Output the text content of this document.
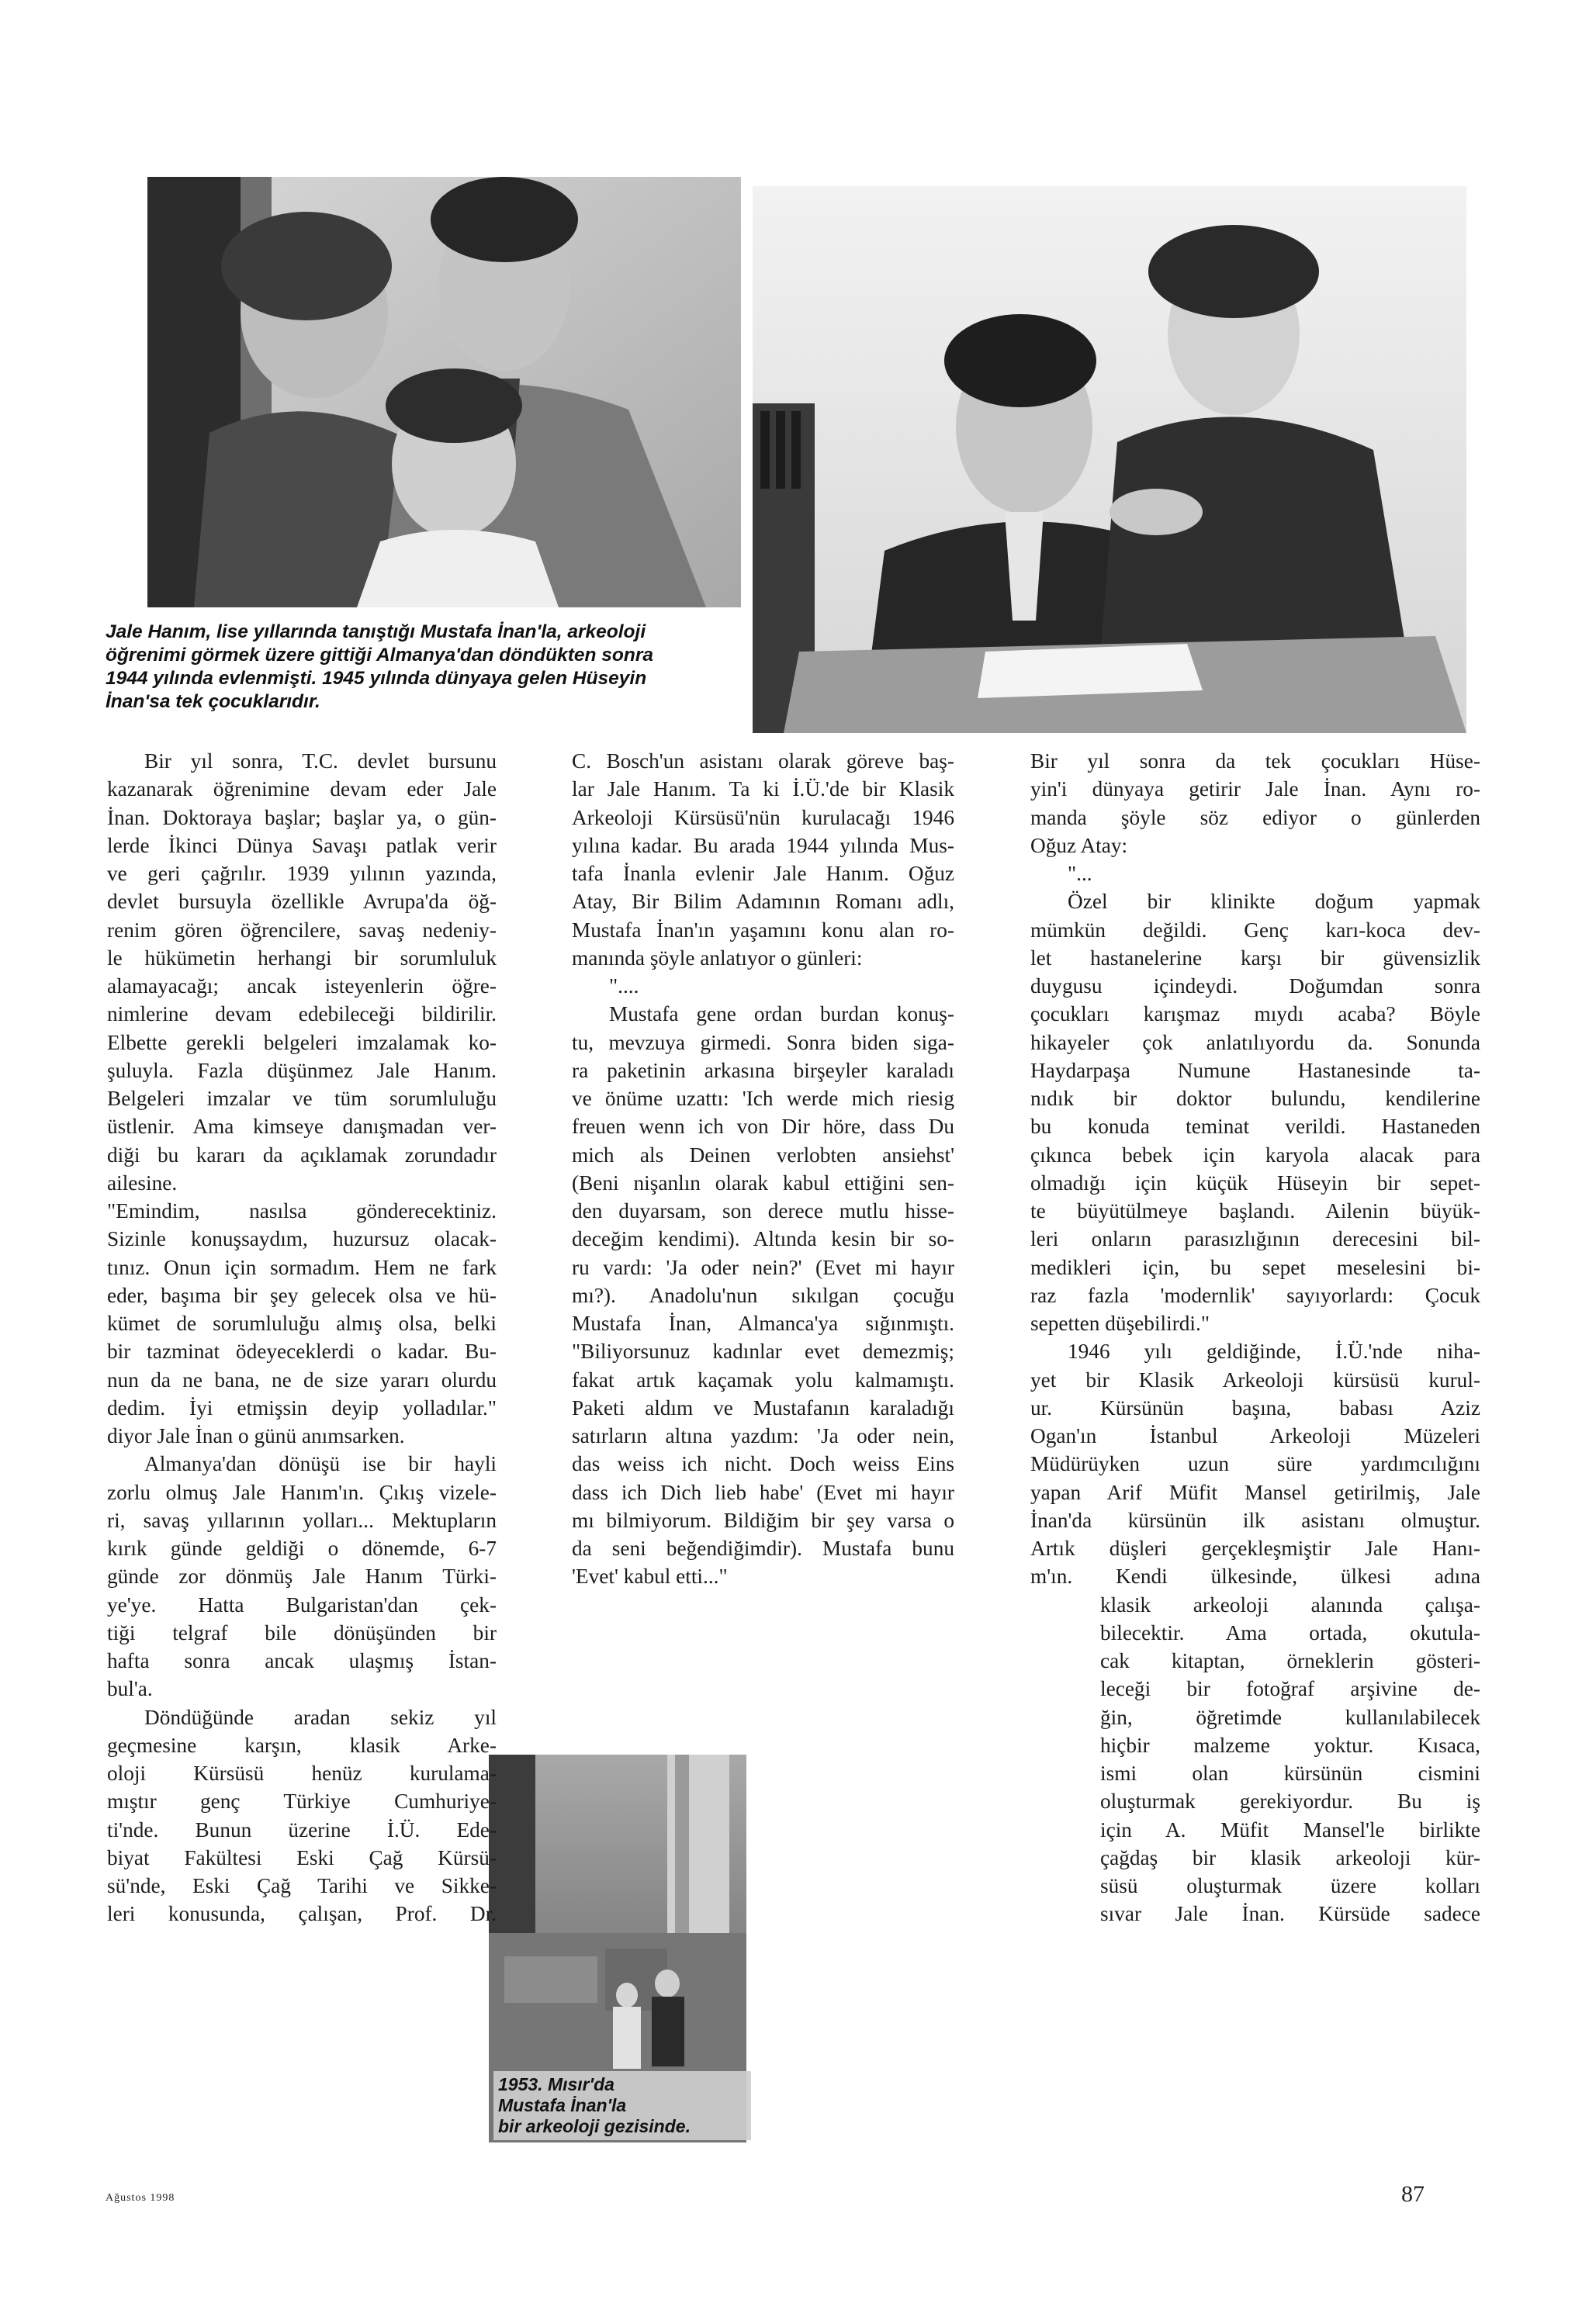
Jale Hanım, lise yıllarında tanıştığı Mustafa İnan'la, arkeoloji
öğrenimi görmek üzere gittiği Almanya'dan döndükten sonra
1944 yılında evlenmişti. 1945 yılında dünyaya gelen Hüseyin
İnan'sa tek çocuklarıdır.
1953. Mısır'da
Mustafa İnan'la
bir arkeoloji gezisinde.
Bir yıl sonra, T.C. devlet bursunu
kazanarak öğrenimine devam eder Jale
İnan. Doktoraya başlar; başlar ya, o gün-
lerde İkinci Dünya Savaşı patlak verir
ve geri çağrılır. 1939 yılının yazında,
devlet bursuyla özellikle Avrupa'da öğ-
renim gören öğrencilere, savaş nedeniy-
le hükümetin herhangi bir sorumluluk
alamayacağı; ancak isteyenlerin öğre-
nimlerine devam edebileceği bildirilir.
Elbette gerekli belgeleri imzalamak ko-
şuluyla. Fazla düşünmez Jale Hanım.
Belgeleri imzalar ve tüm sorumluluğu
üstlenir. Ama kimseye danışmadan ver-
diği bu kararı da açıklamak zorundadır
ailesine.
"Emindim, nasılsa gönderecektiniz.
Sizinle konuşsaydım, huzursuz olacak-
tınız. Onun için sormadım. Hem ne fark
eder, başıma bir şey gelecek olsa ve hü-
kümet de sorumluluğu almış olsa, belki
bir tazminat ödeyeceklerdi o kadar. Bu-
nun da ne bana, ne de size yararı olurdu
dedim. İyi etmişsin deyip yolladılar."
diyor Jale İnan o günü anımsarken.
Almanya'dan dönüşü ise bir hayli
zorlu olmuş Jale Hanım'ın. Çıkış vizele-
ri, savaş yıllarının yolları... Mektupların
kırık günde geldiği o dönemde, 6-7
günde zor dönmüş Jale Hanım Türki-
ye'ye. Hatta Bulgaristan'dan çek-
tiği telgraf bile dönüşünden bir
hafta sonra ancak ulaşmış İstan-
bul'a.
Döndüğünde aradan sekiz yıl
geçmesine karşın, klasik Arke-
oloji Kürsüsü henüz kurulama-
mıştır genç Türkiye Cumhuriye-
ti'nde. Bunun üzerine İ.Ü. Ede-
biyat Fakültesi Eski Çağ Kürsü-
sü'nde, Eski Çağ Tarihi ve Sikke-
leri konusunda, çalışan, Prof. Dr.
C. Bosch'un asistanı olarak göreve baş-
lar Jale Hanım. Ta ki İ.Ü.'de bir Klasik
Arkeoloji Kürsüsü'nün kurulacağı 1946
yılına kadar. Bu arada 1944 yılında Mus-
tafa İnanla evlenir Jale Hanım. Oğuz
Atay, Bir Bilim Adamının Romanı adlı,
Mustafa İnan'ın yaşamını konu alan ro-
manında şöyle anlatıyor o günleri:
"....
Mustafa gene ordan burdan konuş-
tu, mevzuya girmedi. Sonra biden siga-
ra paketinin arkasına birşeyler karaladı
ve önüme uzattı: 'Ich werde mich riesig
freuen wenn ich von Dir höre, dass Du
mich als Deinen verlobten ansiehst'
(Beni nişanlın olarak kabul ettiğini sen-
den duyarsam, son derece mutlu hisse-
deceğim kendimi). Altında kesin bir so-
ru vardı: 'Ja oder nein?' (Evet mi hayır
mı?). Anadolu'nun sıkılgan çocuğu
Mustafa İnan, Almanca'ya sığınmıştı.
"Biliyorsunuz kadınlar evet demezmiş;
fakat artık kaçamak yolu kalmamıştı.
Paketi aldım ve Mustafanın karaladığı
satırların altına yazdım: 'Ja oder nein,
das weiss ich nicht. Doch weiss Eins
dass ich Dich lieb habe' (Evet mi hayır
mı bilmiyorum. Bildiğim bir şey varsa o
da seni beğendiğimdir). Mustafa bunu
'Evet' kabul etti..."
Bir yıl sonra da tek çocukları Hüse-
yin'i dünyaya getirir Jale İnan. Aynı ro-
manda şöyle söz ediyor o günlerden
Oğuz Atay:
"...
Özel bir klinikte doğum yapmak
mümkün değildi. Genç karı-koca dev-
let hastanelerine karşı bir güvensizlik
duygusu içindeydi. Doğumdan sonra
çocukları karışmaz mıydı acaba? Böyle
hikayeler çok anlatılıyordu da. Sonunda
Haydarpaşa Numune Hastanesinde ta-
nıdık bir doktor bulundu, kendilerine
bu konuda teminat verildi. Hastaneden
çıkınca bebek için karyola alacak para
olmadığı için küçük Hüseyin bir sepet-
te büyütülmeye başlandı. Ailenin büyük-
leri onların parasızlığının derecesini bil-
medikleri için, bu sepet meselesini bi-
raz fazla 'modernlik' sayıyorlardı: Çocuk
sepetten düşebilirdi."
1946 yılı geldiğinde, İ.Ü.'nde niha-
yet bir Klasik Arkeoloji kürsüsü kurul-
ur. Kürsünün başına, babası Aziz
Ogan'ın İstanbul Arkeoloji Müzeleri
Müdürüyken uzun süre yardımcılığını
yapan Arif Müfit Mansel getirilmiş, Jale
İnan'da kürsünün ilk asistanı olmuştur.
Artık düşleri gerçekleşmiştir Jale Hanı-
m'ın. Kendi ülkesinde, ülkesi adına
klasik arkeoloji alanında çalışa-
bilecektir. Ama ortada, okutula-
cak kitaptan, örneklerin gösteri-
leceği bir fotoğraf arşivine de-
ğin, öğretimde kullanılabilecek
hiçbir malzeme yoktur. Kısaca,
ismi olan kürsünün cismini
oluşturmak gerekiyordur. Bu iş
için A. Müfit Mansel'le birlikte
çağdaş bir klasik arkeoloji kür-
süsü oluşturmak üzere kolları
sıvar Jale İnan. Kürsüde sadece
Ağustos 1998	87
